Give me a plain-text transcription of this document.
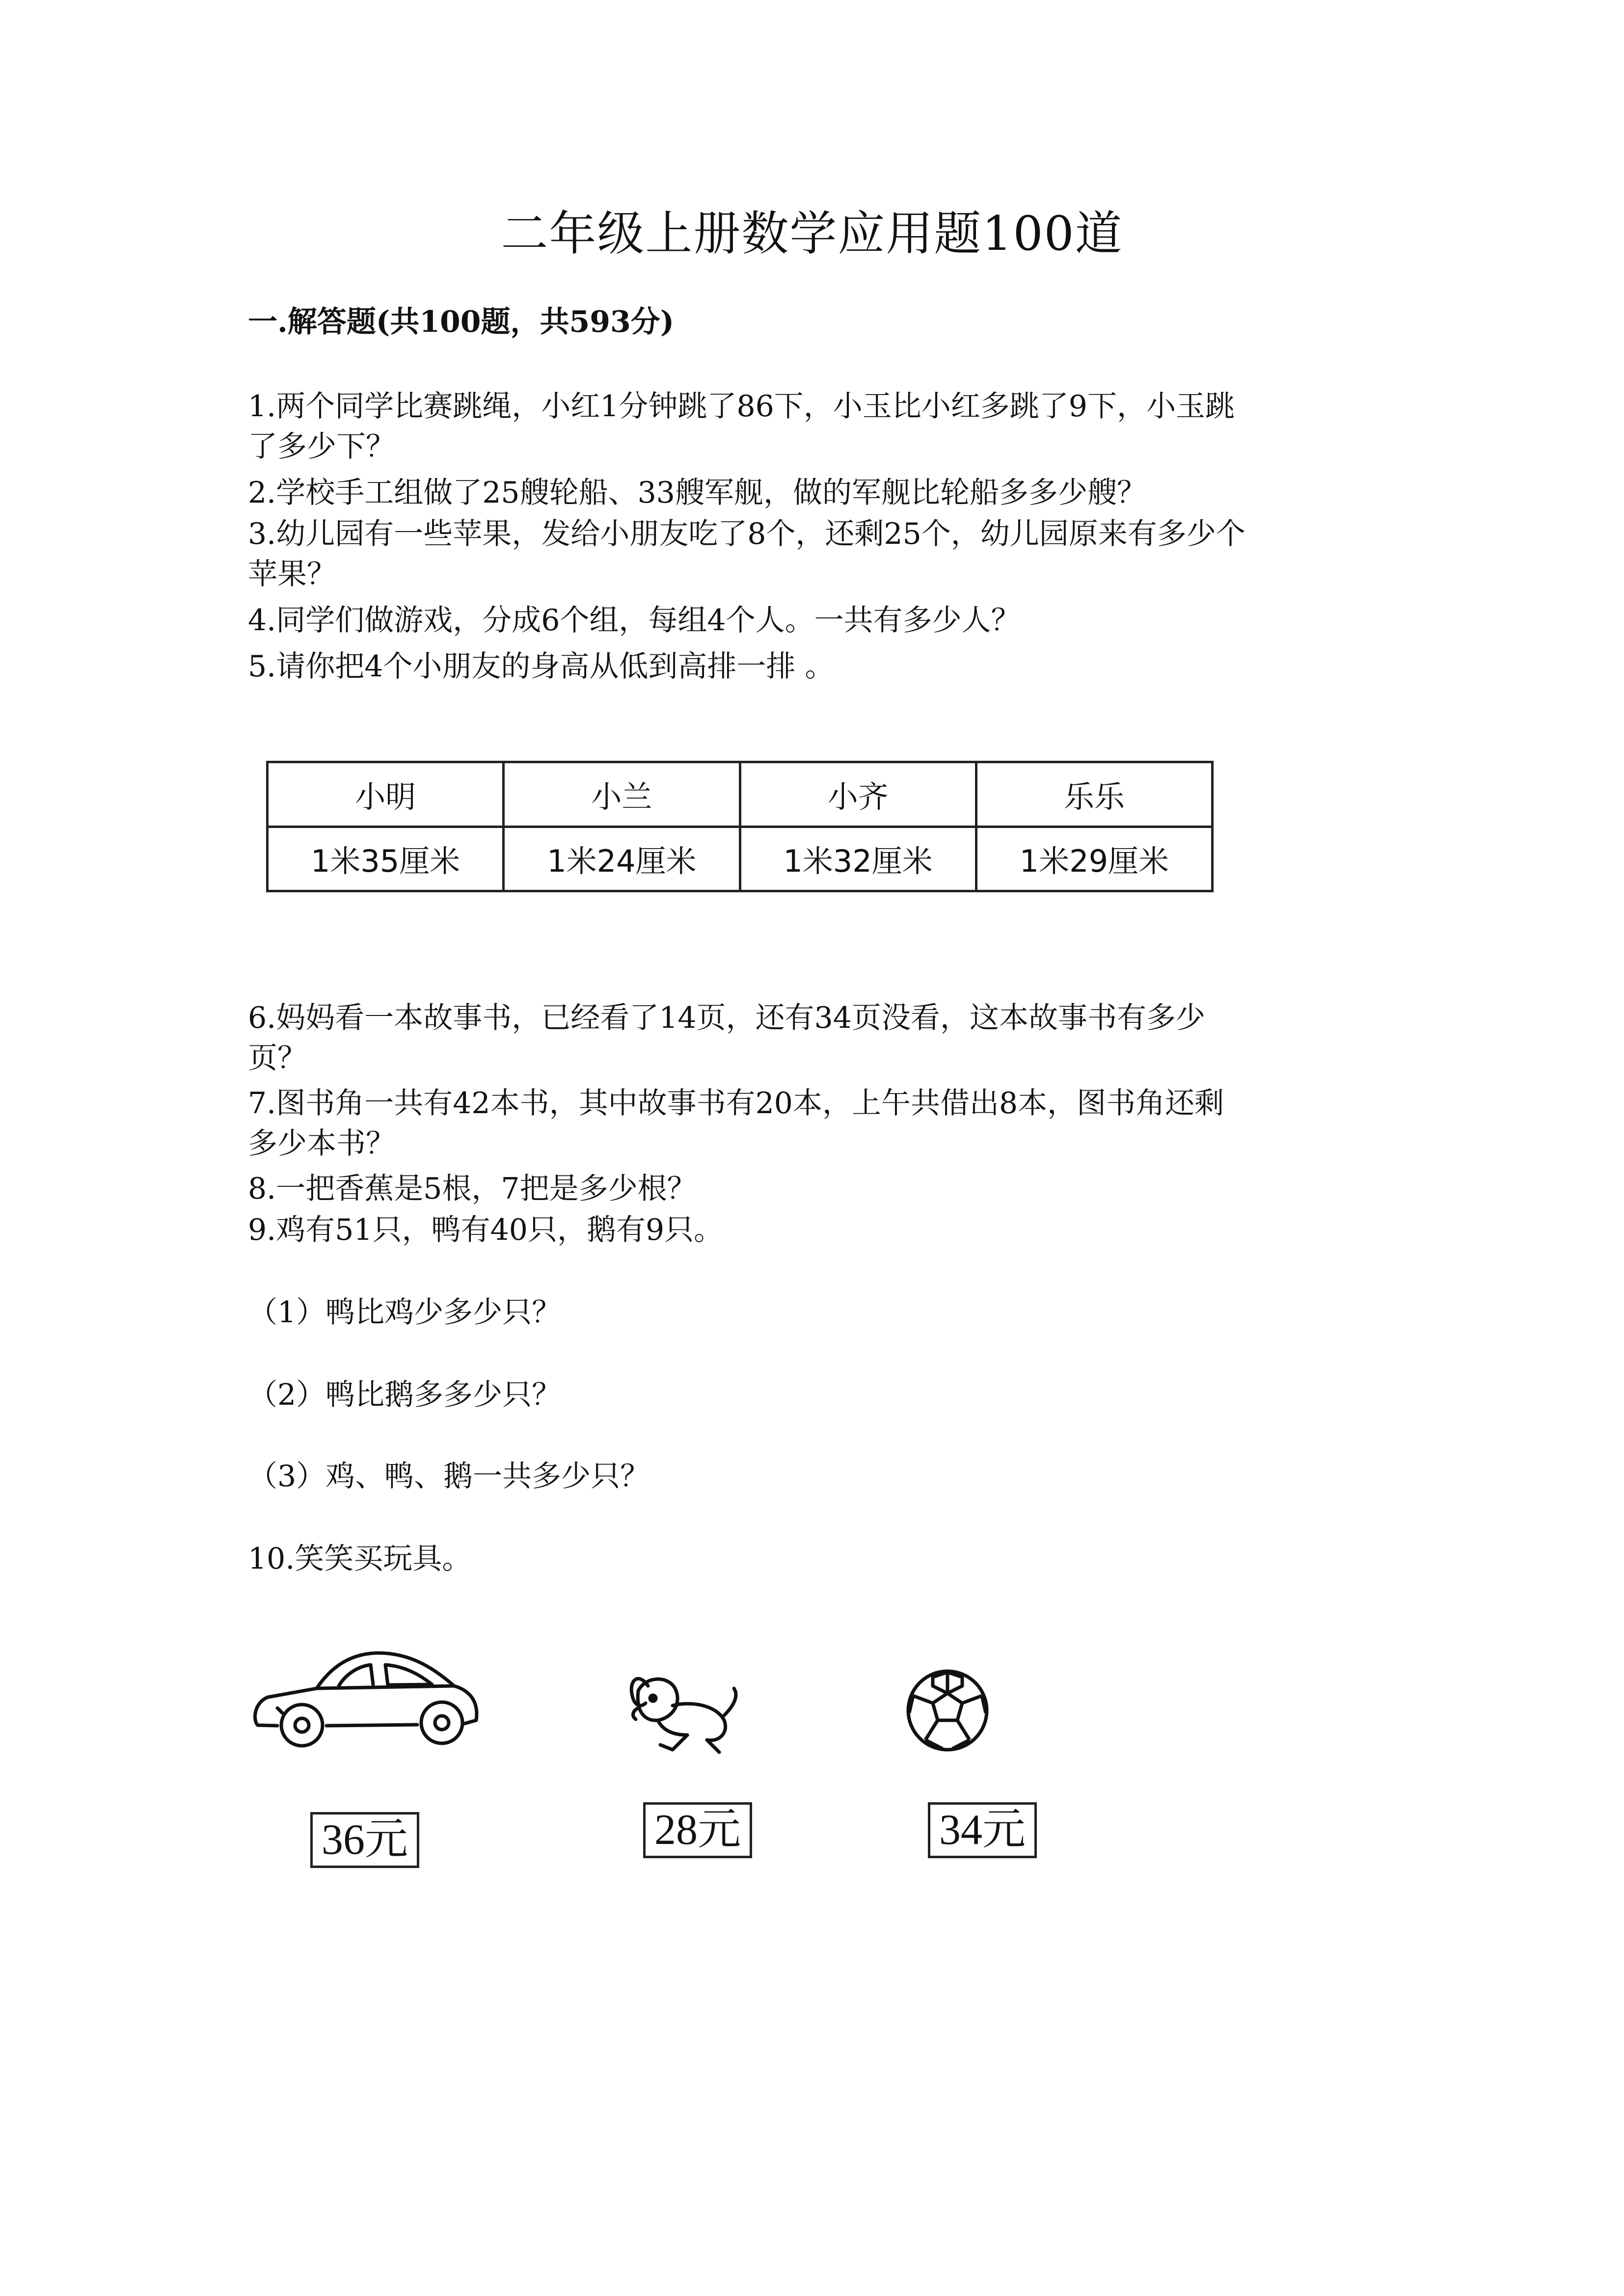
二年级上册数学应用题100道
一.解答题(共100题，共593分)
1.两个同学比赛跳绳，小红1分钟跳了86下，小玉比小红多跳了9下，小玉跳
了多少下？
2.学校手工组做了25艘轮船、33艘军舰，做的军舰比轮船多多少艘？
3.幼儿园有一些苹果，发给小朋友吃了8个，还剩25个，幼儿园原来有多少个
苹果？
4.同学们做游戏，分成6个组，每组4个人。一共有多少人？
5.请你把4个小朋友的身高从低到高排一排 。
小明	小兰	小齐	乐乐
1米35厘米	1米24厘米	1米32厘米	1米29厘米
6.妈妈看一本故事书，已经看了14页，还有34页没看，这本故事书有多少
页？
7.图书角一共有42本书，其中故事书有20本，上午共借出8本，图书角还剩
多少本书？
8.一把香蕉是5根，7把是多少根？
9.鸡有51只，鸭有40只，鹅有9只。
（1）鸭比鸡少多少只？
（2）鸭比鹅多多少只？
（3）鸡、鸭、鹅一共多少只？
10.笑笑买玩具。
36元	28元	34元
